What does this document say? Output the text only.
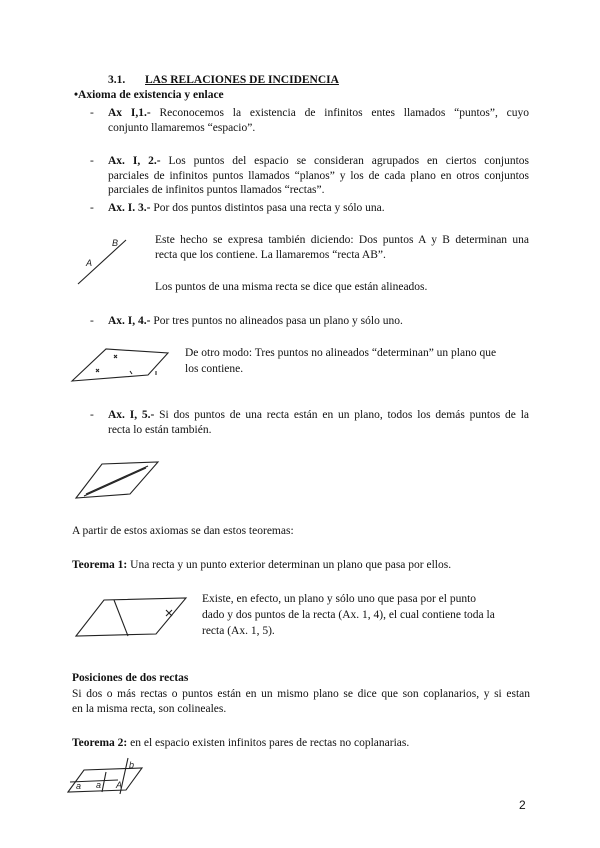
3.1. LAS RELACIONES DE INCIDENCIA
•Axioma de existencia y enlace
- Ax I,1.- Reconocemos la existencia de infinitos entes llamados “puntos”, cuyo
conjunto llamaremos “espacio”.
- Ax. I, 2.- Los puntos del espacio se consideran agrupados en ciertos conjuntos
parciales de infinitos puntos llamados “planos” y los de cada plano en otros conjuntos
parciales de infinitos puntos llamados “rectas”.
- Ax. I. 3.- Por dos puntos distintos pasa una recta y sólo una.
A
B	Este hecho se expresa también diciendo: Dos puntos A y B determinan una
recta que los contiene. La llamaremos “recta AB”.
Los puntos de una misma recta se dice que están alineados.
- Ax. I, 4.- Por tres puntos no alineados pasa un plano y sólo uno.
De otro modo: Tres puntos no alineados “determinan” un plano que
los contiene.
- Ax. I, 5.- Si dos puntos de una recta están en un plano, todos los demás puntos de la
recta lo están también.
A partir de estos axiomas se dan estos teoremas:
Teorema 1: Una recta y un punto exterior determinan un plano que pasa por ellos.
Existe, en efecto, un plano y sólo uno que pasa por el punto
dado y dos puntos de la recta (Ax. 1, 4), el cual contiene toda la
recta (Ax. 1, 5).
Posiciones de dos rectas
Si dos o más rectas o puntos están en un mismo plano se dice que son coplanarios, y si estan
en la misma recta, son colineales.
Teorema 2: en el espacio existen infinitos pares de rectas no coplanarias.
a a A
b
2
